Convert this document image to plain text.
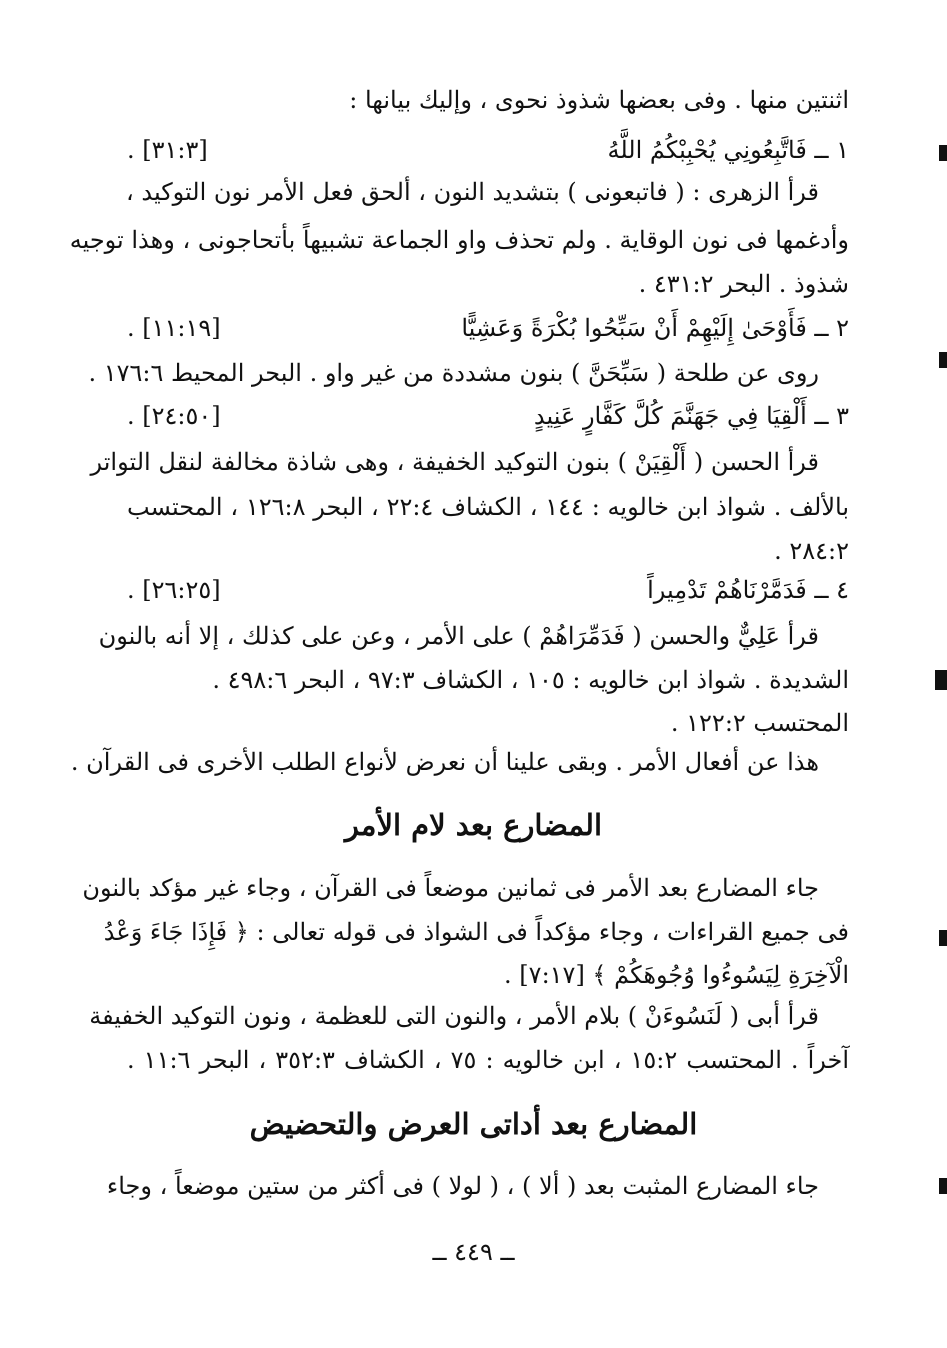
اثنتين منها . وفى بعضها شذوذ نحوى ، وإليك بيانها :
١ ــ فَاتَّبِعُونِي يُحْبِبْكُمُ اللَّهُ
[٣١:٣] .
قرأ الزهرى : ( فاتبعونى ) بتشديد النون ، ألحق فعل الأمر نون التوكيد ،
وأدغمها فى نون الوقاية . ولم تحذف واو الجماعة تشبيهاً بأتحاجونى ، وهذا توجيه
شذوذ . البحر ٤٣١:٢ .
٢ ــ فَأَوْحَىٰ إِلَيْهِمْ أَنْ سَبِّحُوا بُكْرَةً وَعَشِيًّا
[١١:١٩] .
روى عن طلحة ( سَبِّحَنَّ ) بنون مشددة من غير واو . البحر المحيط ١٧٦:٦ .
٣ ــ أَلْقِيَا فِي جَهَنَّمَ كُلَّ كَفَّارٍ عَنِيدٍ
[٢٤:٥٠] .
قرأ الحسن ( أَلْقِيَنْ ) بنون التوكيد الخفيفة ، وهى شاذة مخالفة لنقل التواتر
بالألف . شواذ ابن خالويه : ١٤٤ ، الكشاف ٢٢:٤ ، البحر ١٢٦:٨ ، المحتسب
٢٨٤:٢ .
٤ ــ فَدَمَّرْنَاهُمْ تَدْمِيراً
[٢٦:٢٥] .
قرأ عَلِيٌّ والحسن ( فَدَمِّرَاهُمْ ) على الأمر ، وعن على كذلك ، إلا أنه بالنون
الشديدة . شواذ ابن خالويه : ١٠٥ ، الكشاف ٩٧:٣ ، البحر ٤٩٨:٦ .
المحتسب ١٢٢:٢ .
هذا عن أفعال الأمر . وبقى علينا أن نعرض لأنواع الطلب الأخرى فى القرآن .
المضارع بعد لام الأمر
جاء المضارع بعد الأمر فى ثمانين موضعاً فى القرآن ، وجاء غير مؤكد بالنون
فى جميع القراءات ، وجاء مؤكداً فى الشواذ فى قوله تعالى : ﴿ فَإِذَا جَاءَ وَعْدُ
الْآخِرَةِ لِيَسُوءُوا وُجُوهَكُمْ ﴾ [٧:١٧] .
قرأ أبى ( لَنَسُوءَنْ ) بلام الأمر ، والنون التى للعظمة ، ونون التوكيد الخفيفة
آخراً . المحتسب ١٥:٢ ، ابن خالويه : ٧٥ ، الكشاف ٣٥٢:٣ ، البحر ١١:٦ .
المضارع بعد أداتى العرض والتحضيض
جاء المضارع المثبت بعد ( ألا ) ، ( لولا ) فى أكثر من ستين موضعاً ، وجاء
ــ ٤٤٩ ــ
